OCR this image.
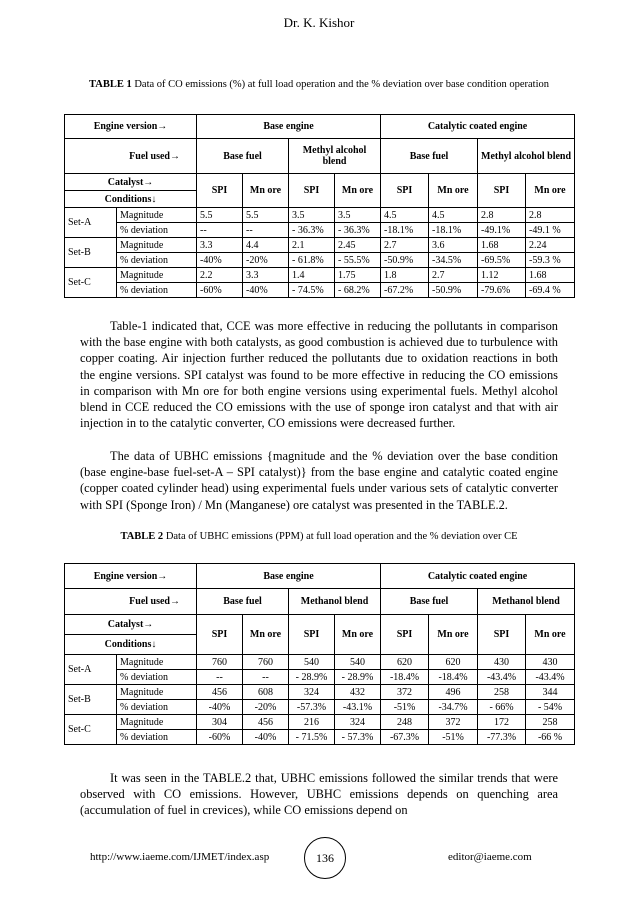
Dr. K. Kishor
TABLE 1 Data of CO emissions (%) at full load operation and the % deviation over base condition operation
Engine version→		Base engine				Catalytic coated engine			
Fuel used→		Base fuel		Methyl alcohol blend		Base fuel		Methyl alcohol blend	
Catalyst→		SPI	Mn ore	SPI	Mn ore	SPI	Mn ore	SPI	Mn ore
Conditions↓									
Set-A	Magnitude	5.5	5.5	3.5	3.5	4.5	4.5	2.8	2.8
	% deviation	--	--	- 36.3%	- 36.3%	-18.1%	-18.1%	-49.1%	-49.1 %
Set-B	Magnitude	3.3	4.4	2.1	2.45	2.7	3.6	1.68	2.24
	% deviation	-40%	-20%	- 61.8%	- 55.5%	-50.9%	-34.5%	-69.5%	-59.3 %
Set-C	Magnitude	2.2	3.3	1.4	1.75	1.8	2.7	1.12	1.68
	% deviation	-60%	-40%	- 74.5%	- 68.2%	-67.2%	-50.9%	-79.6%	-69.4 %
Table-1 indicated that, CCE was more effective in reducing the pollutants in comparison with the base engine with both catalysts, as good combustion is achieved due to turbulence with copper coating. Air injection further reduced the pollutants due to oxidation reactions in both the engine versions. SPI catalyst was found to be more effective in reducing the CO emissions in comparison with Mn ore for both engine versions using experimental fuels. Methyl alcohol blend in CCE reduced the CO emissions with the use of sponge iron catalyst and that with air injection in to the catalytic converter, CO emissions were decreased further.
The data of UBHC emissions {magnitude and the % deviation over the base condition (base engine-base fuel-set-A – SPI catalyst)} from the base engine and catalytic coated engine (copper coated cylinder head) using experimental fuels under various sets of catalytic converter with SPI (Sponge Iron) / Mn (Manganese) ore catalyst was presented in the TABLE.2.
TABLE 2 Data of UBHC emissions (PPM) at full load operation and the % deviation over CE
Engine version→		Base engine				Catalytic coated engine			
Fuel used→		Base fuel		Methanol blend		Base fuel		Methanol blend	
Catalyst→		SPI	Mn ore	SPI	Mn ore	SPI	Mn ore	SPI	Mn ore
Conditions↓									
Set-A	Magnitude	760	760	540	540	620	620	430	430
	% deviation	--	--	- 28.9%	- 28.9%	-18.4%	-18.4%	-43.4%	-43.4%
Set-B	Magnitude	456	608	324	432	372	496	258	344
	% deviation	-40%	-20%	-57.3%	-43.1%	-51%	-34.7%	- 66%	- 54%
Set-C	Magnitude	304	456	216	324	248	372	172	258
	% deviation	-60%	-40%	- 71.5%	- 57.3%	-67.3%	-51%	-77.3%	-66 %
It was seen in the TABLE.2 that, UBHC emissions followed the similar trends that were observed with CO emissions. However, UBHC emissions depends on quenching area (accumulation of fuel in crevices), while CO emissions depend on
http://www.iaeme.com/IJMET/index.asp	136	editor@iaeme.com
